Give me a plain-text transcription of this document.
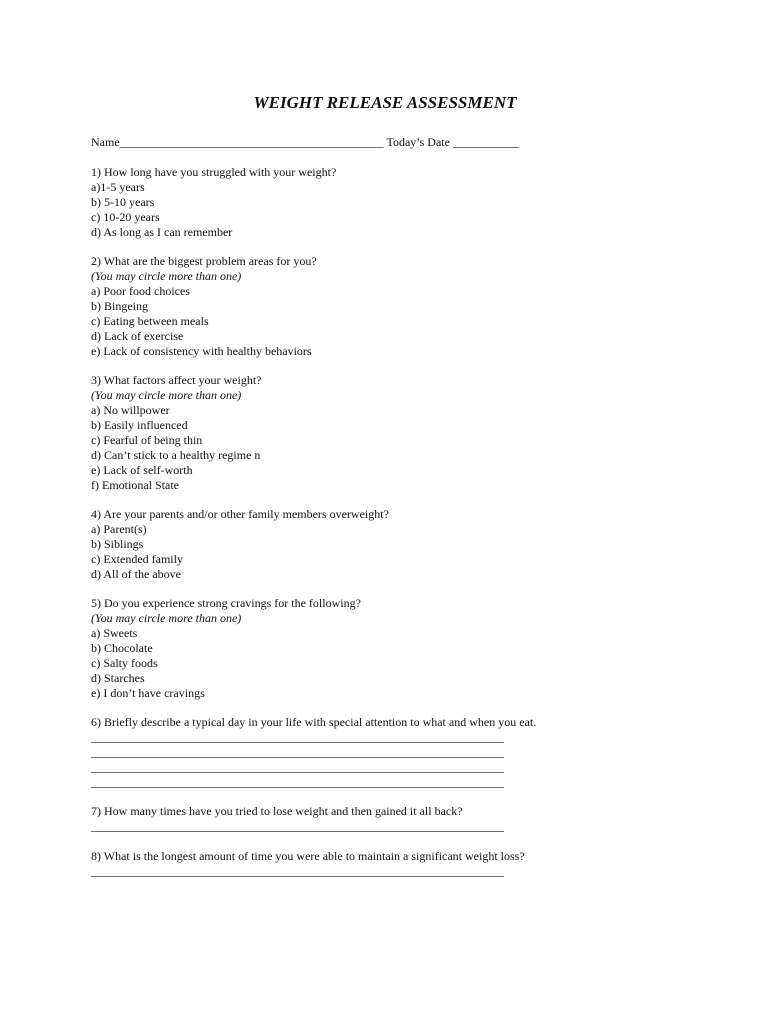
WEIGHT RELEASE ASSESSMENT
Name____________________________________________ Today’s Date ___________
1) How long have you struggled with your weight?
a)1-5 years
b) 5-10 years
c) 10-20 years
d) As long as I can remember
2) What are the biggest problem areas for you?
(You may circle more than one)
a) Poor food choices
b) Bingeing
c) Eating between meals
d) Lack of exercise
e) Lack of consistency with healthy behaviors
3) What factors affect your weight?
(You may circle more than one)
a) No willpower
b) Easily influenced
c) Fearful of being thin
d) Can’t stick to a healthy regime n
e) Lack of self-worth
f) Emotional State
4) Are your parents and/or other family members overweight?
a) Parent(s)
b) Siblings
c) Extended family
d) All of the above
5) Do you experience strong cravings for the following?
(You may circle more than one)
a) Sweets
b) Chocolate
c) Salty foods
d) Starches
e) I don’t have cravings
6) Briefly describe a typical day in your life with special attention to what and when you eat.
___________________________________________________________________________
___________________________________________________________________________
___________________________________________________________________________
___________________________________________________________________________
7) How many times have you tried to lose weight and then gained it all back?
___________________________________________________________________________
8) What is the longest amount of time you were able to maintain a significant weight loss?
___________________________________________________________________________
